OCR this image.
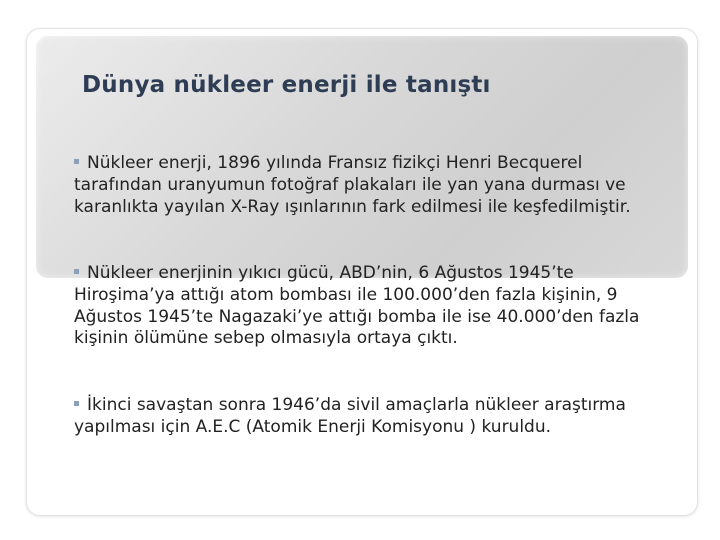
Dünya nükleer enerji ile tanıştı

Nükleer enerji, 1896 yılında Fransız fizikçi Henri Becquerel tarafından uranyumun fotoğraf plakaları ile yan yana durması ve karanlıkta yayılan X-Ray ışınlarının fark edilmesi ile keşfedilmiştir.

Nükleer enerjinin yıkıcı gücü, ABD’nin, 6 Ağustos 1945’te Hiroşima’ya attığı atom bombası ile 100.000’den fazla kişinin, 9 Ağustos 1945’te Nagazaki’ye attığı bomba ile ise 40.000’den fazla kişinin ölümüne sebep olmasıyla ortaya çıktı.

İkinci savaştan sonra 1946’da sivil amaçlarla nükleer araştırma yapılması için A.E.C (Atomik Enerji Komisyonu ) kuruldu.
